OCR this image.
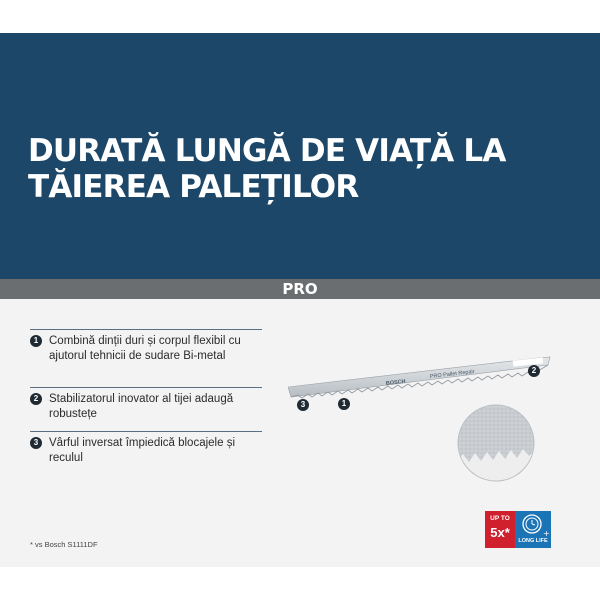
DURATĂ LUNGĂ DE VIAȚĂ LA
TĂIEREA PALEȚILOR
PRO
1 Combină dinții duri și corpul flexibil cu ajutorul tehnicii de sudare Bi-metal
2 Stabilizatorul inovator al tijei adaugă robustețe
3 Vârful inversat împiedică blocajele și reculul
BOSCH
PRO Pallet Repair
1
2
3
UP TO
5x*	+
LONG LIFE
* vs Bosch S1111DF
